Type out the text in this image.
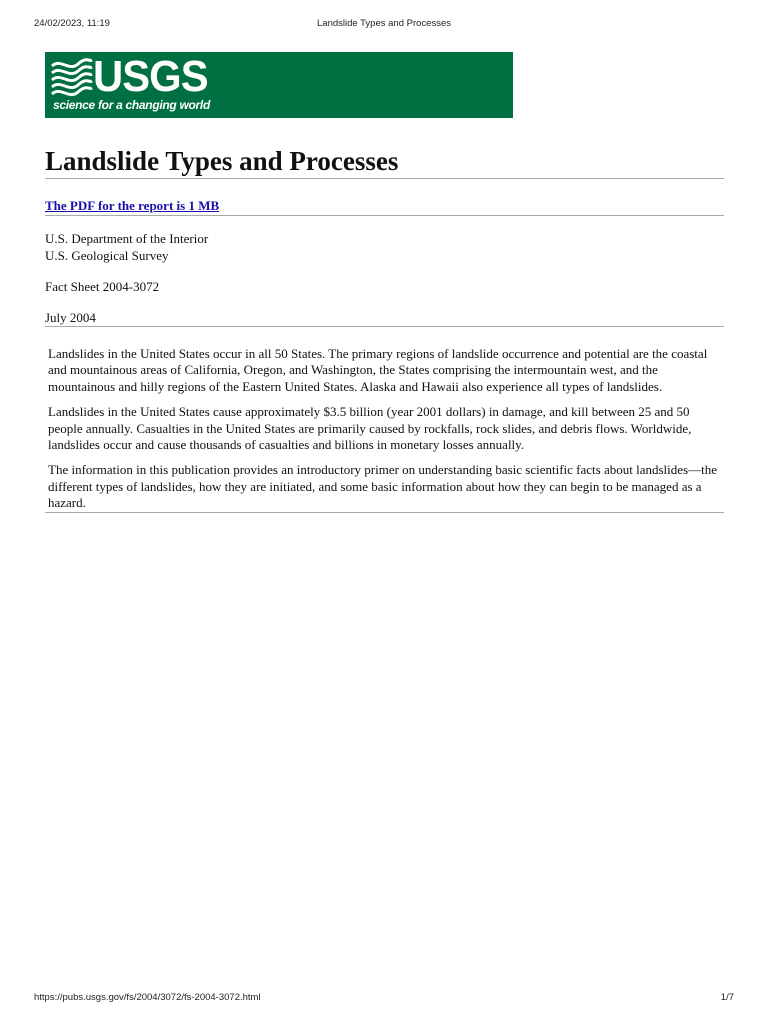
24/02/2023, 11:19	Landslide Types and Processes
USGS
science for a changing world
Landslide Types and Processes
The PDF for the report is 1 MB

U.S. Department of the Interior

U.S. Geological Survey

Fact Sheet 2004-3072

July 2004

Landslides in the United States occur in all 50 States. The primary regions of landslide occurrence and potential are the coastal and mountainous areas of California, Oregon, and Washington, the States comprising the intermountain west, and the mountainous and hilly regions of the Eastern United States. Alaska and Hawaii also experience all types of landslides.

Landslides in the United States cause approximately $3.5 billion (year 2001 dollars) in damage, and kill between 25 and 50 people annually. Casualties in the United States are primarily caused by rockfalls, rock slides, and debris flows. Worldwide, landslides occur and cause thousands of casualties and billions in monetary losses annually.

The information in this publication provides an introductory primer on understanding basic scientific facts about landslides—the different types of landslides, how they are initiated, and some basic information about how they can begin to be managed as a hazard.

https://pubs.usgs.gov/fs/2004/3072/fs-2004-3072.html	1/7
